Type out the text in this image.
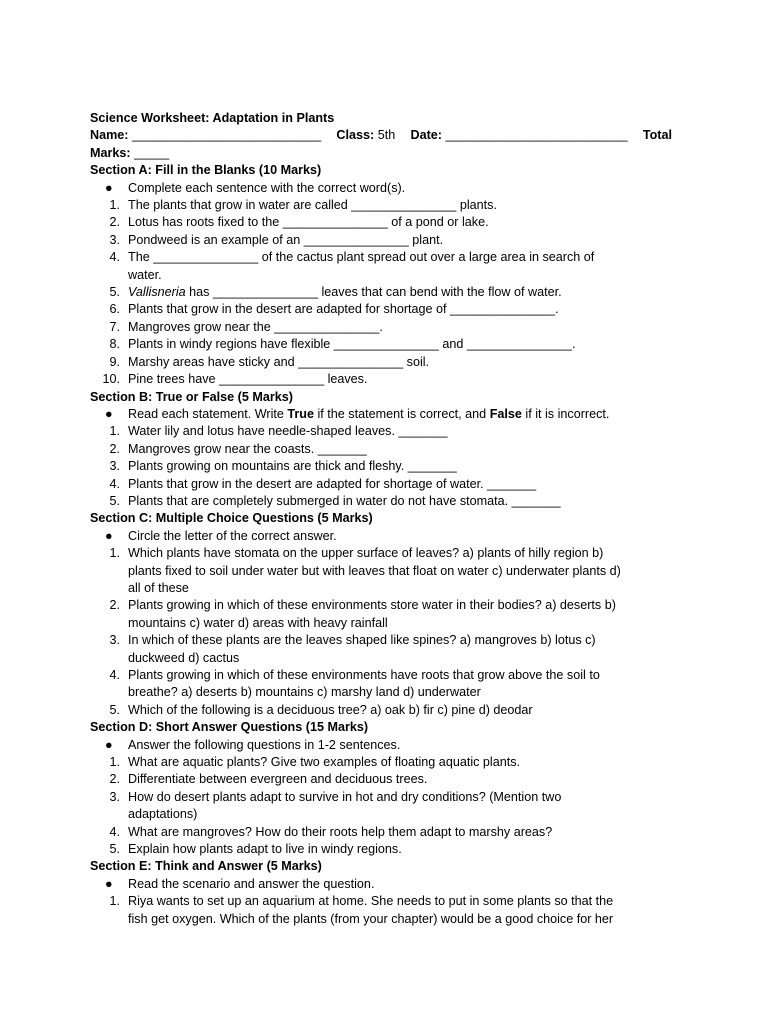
Science Worksheet: Adaptation in Plants
Name: ___________________________ Class: 5th Date: __________________________ Total
Marks: _____
Section A: Fill in the Blanks (10 Marks)
●	Complete each sentence with the correct word(s).
1. The plants that grow in water are called _______________ plants.
2. Lotus has roots fixed to the _______________ of a pond or lake.
3. Pondweed is an example of an _______________ plant.
4. The _______________ of the cactus plant spread out over a large area in search of
water.
5. Vallisneria has _______________ leaves that can bend with the flow of water.
6. Plants that grow in the desert are adapted for shortage of _______________.
7. Mangroves grow near the _______________.
8. Plants in windy regions have flexible _______________ and _______________.
9. Marshy areas have sticky and _______________ soil.
10. Pine trees have _______________ leaves.
Section B: True or False (5 Marks)
●	Read each statement. Write True if the statement is correct, and False if it is incorrect.
1. Water lily and lotus have needle-shaped leaves. _______
2. Mangroves grow near the coasts. _______
3. Plants growing on mountains are thick and fleshy. _______
4. Plants that grow in the desert are adapted for shortage of water. _______
5. Plants that are completely submerged in water do not have stomata. _______
Section C: Multiple Choice Questions (5 Marks)
●	Circle the letter of the correct answer.
1. Which plants have stomata on the upper surface of leaves? a) plants of hilly region b)
plants fixed to soil under water but with leaves that float on water c) underwater plants d)
all of these
2. Plants growing in which of these environments store water in their bodies? a) deserts b)
mountains c) water d) areas with heavy rainfall
3. In which of these plants are the leaves shaped like spines? a) mangroves b) lotus c)
duckweed d) cactus
4. Plants growing in which of these environments have roots that grow above the soil to
breathe? a) deserts b) mountains c) marshy land d) underwater
5. Which of the following is a deciduous tree? a) oak b) fir c) pine d) deodar
Section D: Short Answer Questions (15 Marks)
●	Answer the following questions in 1-2 sentences.
1. What are aquatic plants? Give two examples of floating aquatic plants.
2. Differentiate between evergreen and deciduous trees.
3. How do desert plants adapt to survive in hot and dry conditions? (Mention two
adaptations)
4. What are mangroves? How do their roots help them adapt to marshy areas?
5. Explain how plants adapt to live in windy regions.
Section E: Think and Answer (5 Marks)
●	Read the scenario and answer the question.
1. Riya wants to set up an aquarium at home. She needs to put in some plants so that the
fish get oxygen. Which of the plants (from your chapter) would be a good choice for her
